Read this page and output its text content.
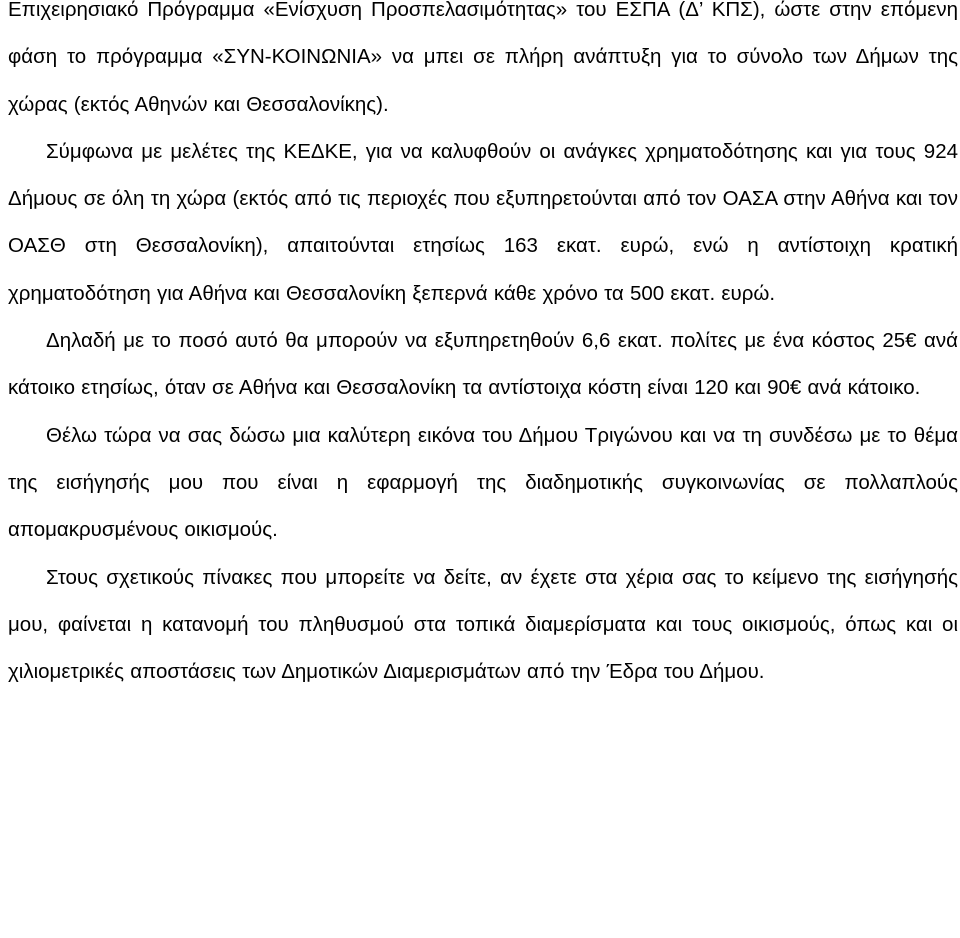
Επιχειρησιακό Πρόγραμμα «Ενίσχυση Προσπελασιμότητας» του ΕΣΠΑ (Δ’ ΚΠΣ), ώστε στην επόμενη φάση το πρόγραμμα «ΣΥΝ-ΚΟΙΝΩΝΙΑ» να μπει σε πλήρη ανάπτυξη για το σύνολο των Δήμων της χώρας (εκτός Αθηνών και Θεσσαλονίκης).

Σύμφωνα με μελέτες της ΚΕΔΚΕ, για να καλυφθούν οι ανάγκες χρηματοδότησης και για τους 924 Δήμους σε όλη τη χώρα (εκτός από τις περιοχές που εξυπηρετούνται από τον ΟΑΣΑ στην Αθήνα και τον ΟΑΣΘ στη Θεσσαλονίκη), απαιτούνται ετησίως 163 εκατ. ευρώ, ενώ η αντίστοιχη κρατική χρηματοδότηση για Αθήνα και Θεσσαλονίκη ξεπερνά κάθε χρόνο τα 500 εκατ. ευρώ.

Δηλαδή με το ποσό αυτό θα μπορούν να εξυπηρετηθούν 6,6 εκατ. πολίτες με ένα κόστος 25€ ανά κάτοικο ετησίως, όταν σε Αθήνα και Θεσσαλονίκη τα αντίστοιχα κόστη είναι 120 και 90€ ανά κάτοικο.

Θέλω τώρα να σας δώσω μια καλύτερη εικόνα του Δήμου Τριγώνου και να τη συνδέσω με το θέμα της εισήγησής μου που είναι η εφαρμογή της διαδημοτικής συγκοινωνίας σε πολλαπλούς απομακρυσμένους οικισμούς.

Στους σχετικούς πίνακες που μπορείτε να δείτε, αν έχετε στα χέρια σας το κείμενο της εισήγησής μου, φαίνεται η κατανομή του πληθυσμού στα τοπικά διαμερίσματα και τους οικισμούς, όπως και οι χιλιομετρικές αποστάσεις των Δημοτικών Διαμερισμάτων από την Έδρα του Δήμου.
